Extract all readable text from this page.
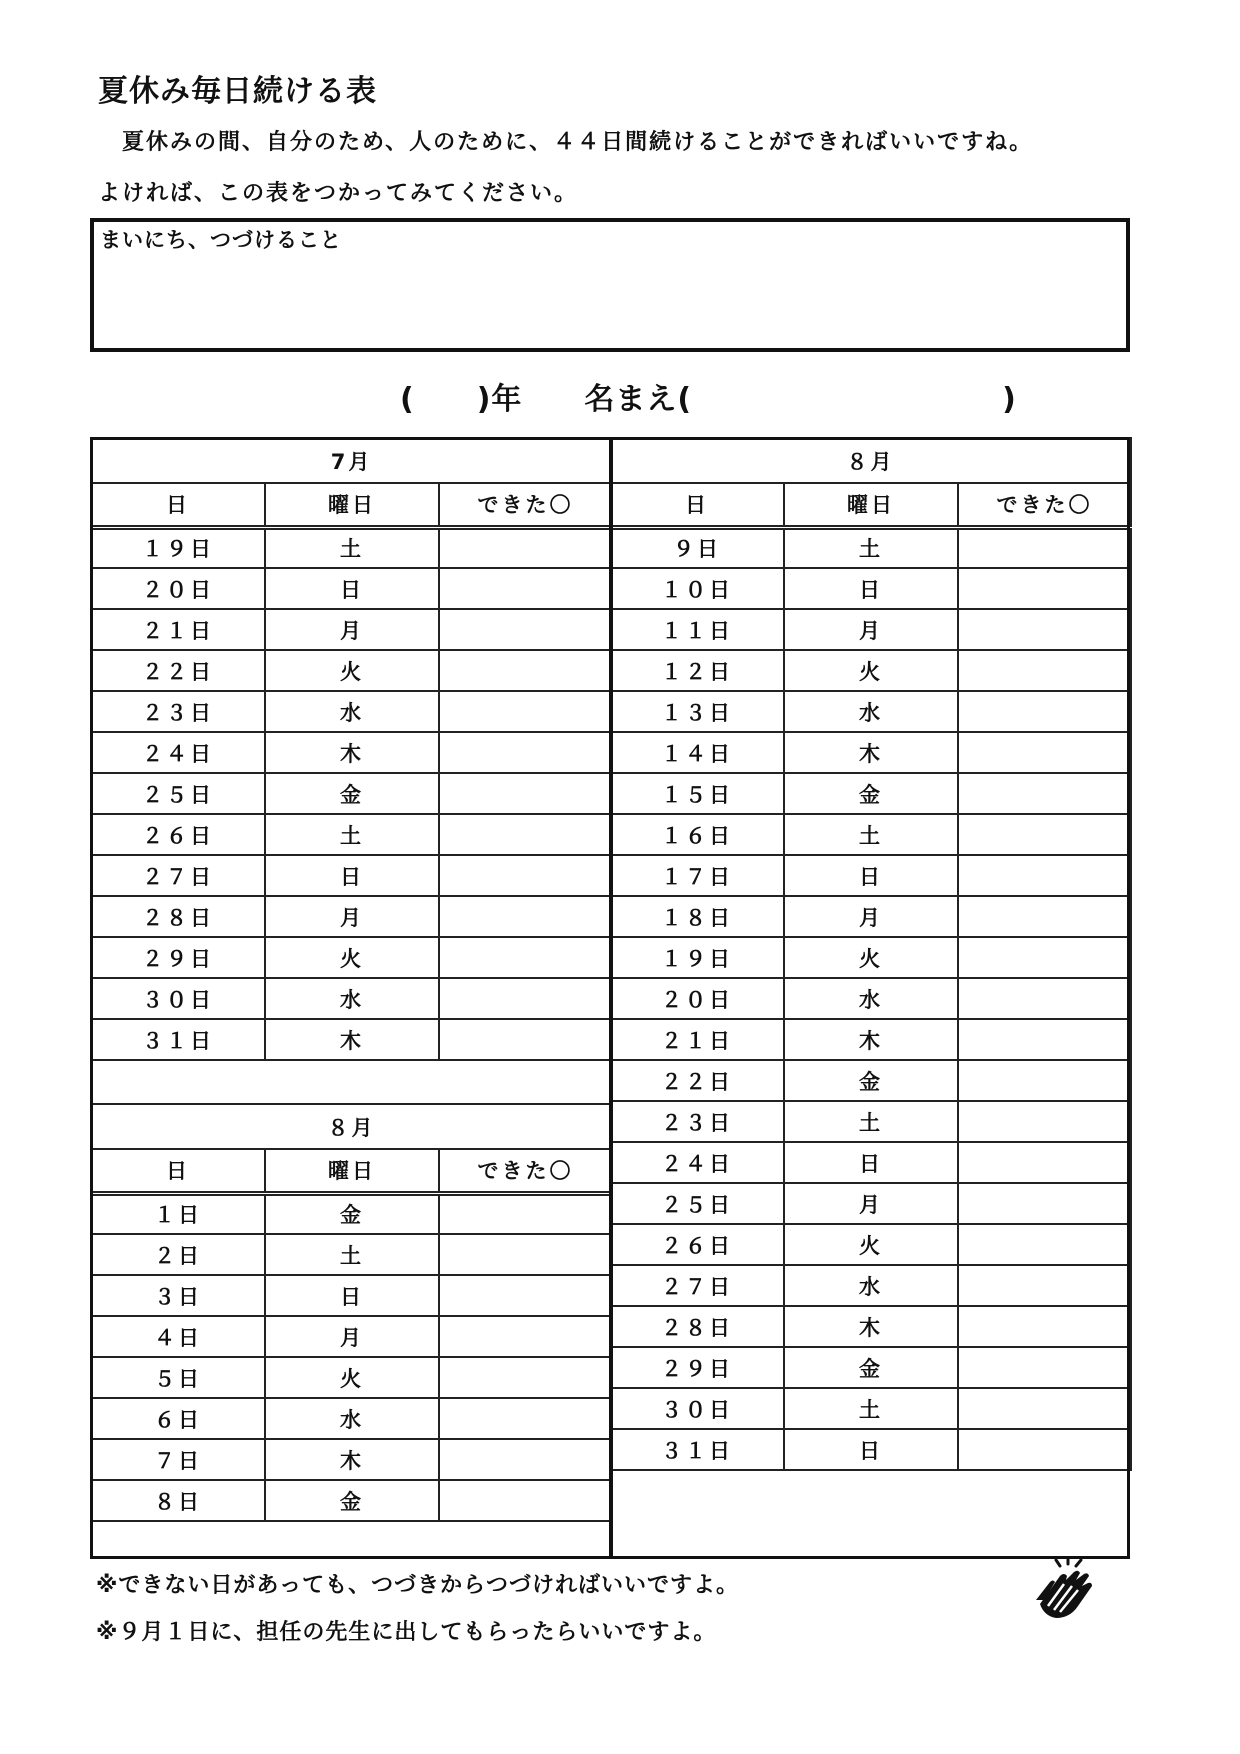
夏休み毎日続ける表
夏休みの間、自分のため、人のために、４４日間続けることができればいいですね。
よければ、この表をつかってみてください。
まいにち、つづけること
(　　)年　　名まえ(　　　　　　　　　　)
7月		
日	曜日	できた〇
１９日	土	
２０日	日	
２１日	月	
２２日	火	
２３日	水	
２４日	木	
２５日	金	
２６日	土	
２７日	日	
２８日	月	
２９日	火	
３０日	水	
３１日	木	
８月		
日	曜日	できた〇
１日	金	
２日	土	
３日	日	
４日	月	
５日	火	
６日	水	
７日	木	
８日	金	
８月		
日	曜日	できた〇
９日	土	
１０日	日	
１１日	月	
１２日	火	
１３日	水	
１４日	木	
１５日	金	
１６日	土	
１７日	日	
１８日	月	
１９日	火	
２０日	水	
２１日	木	
２２日	金	
２３日	土	
２４日	日	
２５日	月	
２６日	火	
２７日	水	
２８日	木	
２９日	金	
３０日	土	
３１日	日	
※できない日があっても、つづきからつづければいいですよ。
※９月１日に、担任の先生に出してもらったらいいですよ。
